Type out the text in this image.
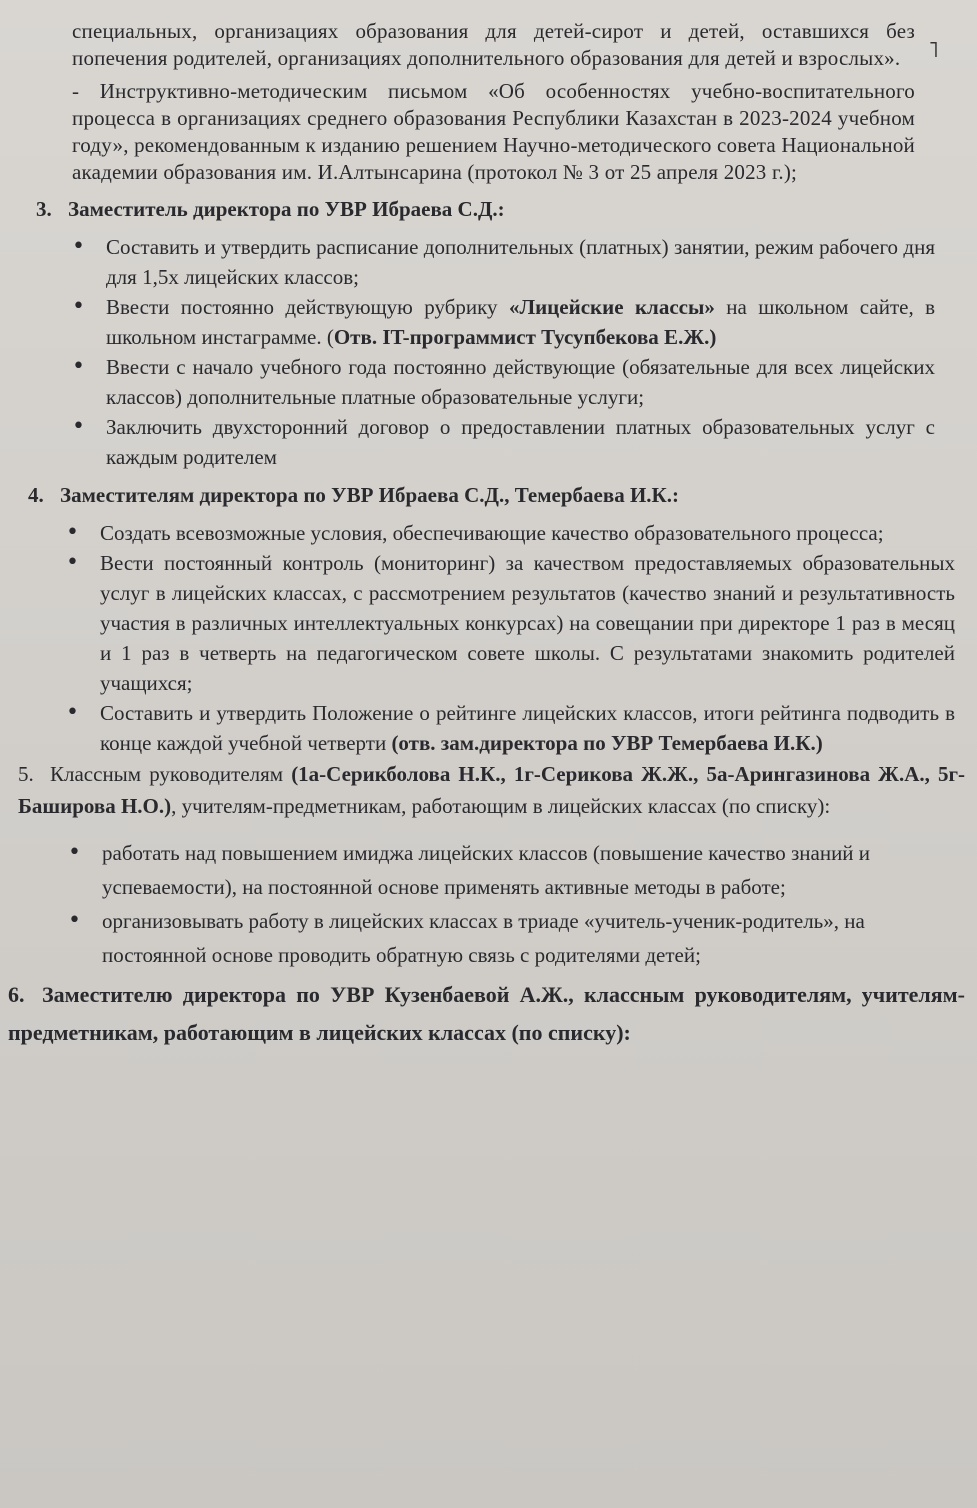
˥

специальных, организациях образования для детей-сирот и детей, оставшихся без попечения родителей, организациях дополнительного образования для детей и взрослых».

- Инструктивно-методическим письмом «Об особенностях учебно-воспитательного процесса в организациях среднего образования Республики Казахстан в 2023-2024 учебном году», рекомендованным к изданию решением Научно-методического совета Национальной академии образования им. И.Алтынсарина (протокол № 3 от 25 апреля 2023 г.);

3. Заместитель директора по УВР Ибраева С.Д.:
• Составить и утвердить расписание дополнительных (платных) занятии, режим рабочего дня для 1,5х лицейских классов;
• Ввести постоянно действующую рубрику «Лицейские классы» на школьном сайте, в школьном инстаграмме. (Отв. IT-программист Тусупбекова Е.Ж.)
• Ввести с начало учебного года постоянно действующие (обязательные для всех лицейских классов) дополнительные платные образовательные услуги;
• Заключить двухсторонний договор о предоставлении платных образовательных услуг с каждым родителем
4. Заместителям директора по УВР Ибраева С.Д., Темербаева И.К.:
• Создать всевозможные условия, обеспечивающие качество образовательного процесса;
• Вести постоянный контроль (мониторинг) за качеством предоставляемых образовательных услуг в лицейских классах, с рассмотрением результатов (качество знаний и результативность участия в различных интеллектуальных конкурсах) на совещании при директоре 1 раз в месяц и 1 раз в четверть на педагогическом совете школы. С результатами знакомить родителей учащихся;
• Составить и утвердить Положение о рейтинге лицейских классов, итоги рейтинга подводить в конце каждой учебной четверти (отв. зам.директора по УВР Темербаева И.К.)
5. Классным руководителям (1а-Серикболова Н.К., 1г-Серикова Ж.Ж., 5а-Арингазинова Ж.А., 5г-Баширова Н.О.), учителям-предметникам, работающим в лицейских классах (по списку):
• работать над повышением имиджа лицейских классов (повышение качество знаний и успеваемости), на постоянной основе применять активные методы в работе;
• организовывать работу в лицейских классах в триаде «учитель-ученик-родитель», на постоянной основе проводить обратную связь с родителями детей;
6. Заместителю директора по УВР Кузенбаевой А.Ж., классным руководителям, учителям-предметникам, работающим в лицейских классах (по списку):
